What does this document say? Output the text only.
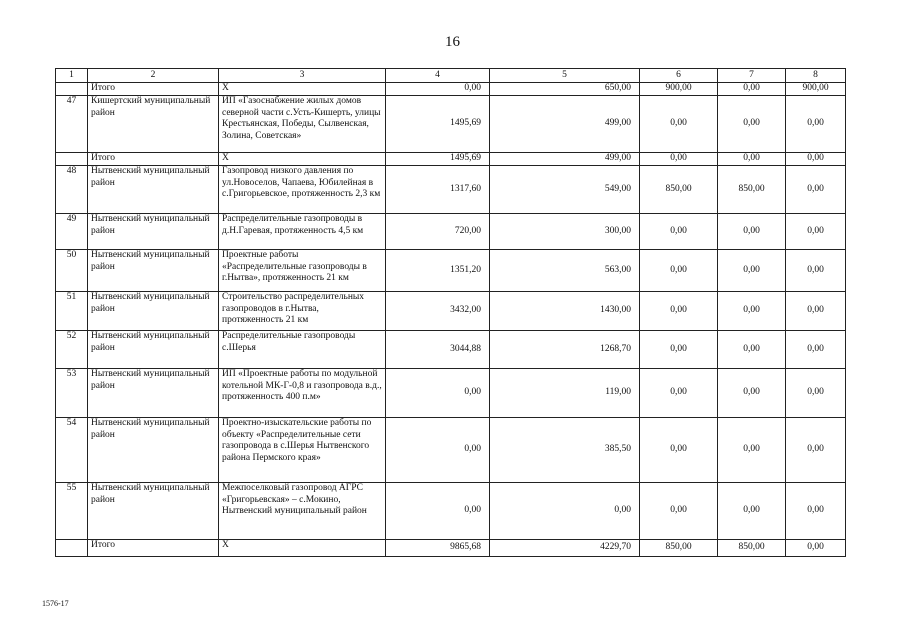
16
1	2	3	4	5	6	7	8
	Итого	Х	0,00	650,00	900,00	0,00	900,00
47	Кишертский муниципальный район	ИП «Газоснабжение жилых домов северной части с.Усть-Кишерть, улицы Крестьянская, Победы, Сылвенская, Золина, Советская»	1495,69	499,00	0,00	0,00	0,00
	Итого	Х	1495,69	499,00	0,00	0,00	0,00
48	Нытвенский муниципальный район	Газопровод низкого давления по ул.Новоселов, Чапаева, Юбилейная в с.Григорьевское, протяженность 2,3 км	1317,60	549,00	850,00	850,00	0,00
49	Нытвенский муниципальный район	Распределительные газопроводы в д.Н.Гаревая, протяженность 4,5 км	720,00	300,00	0,00	0,00	0,00
50	Нытвенский муниципальный район	Проектные работы «Распределительные газопроводы в г.Нытва», протяженность 21 км	1351,20	563,00	0,00	0,00	0,00
51	Нытвенский муниципальный район	Строительство распределительных газопроводов в г.Нытва, протяженность 21 км	3432,00	1430,00	0,00	0,00	0,00
52	Нытвенский муниципальный район	Распределительные газопроводы с.Шерья	3044,88	1268,70	0,00	0,00	0,00
53	Нытвенский муниципальный район	ИП «Проектные работы по модульной котельной МК-Г-0,8 и газопровода в.д., протяженность 400 п.м»	0,00	119,00	0,00	0,00	0,00
54	Нытвенский муниципальный район	Проектно-изыскательские работы по объекту «Распределительные сети газопровода в с.Шерья Нытвенского района Пермского края»	0,00	385,50	0,00	0,00	0,00
55	Нытвенский муниципальный район	Межпоселковый газопровод АГРС «Григорьевская» – с.Мокино, Нытвенский муниципальный район	0,00	0,00	0,00	0,00	0,00
	Итого	Х	9865,68	4229,70	850,00	850,00	0,00
1576-17
